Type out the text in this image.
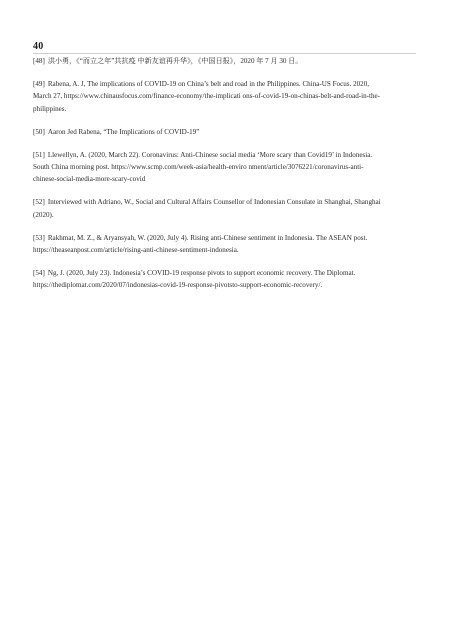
40

[48] 洪小勇，《“而立之年”共抗疫 中新友谊再升华》，《中国日报》，2020 年 7 月 30 日。

[49] Rabena, A. J, The implications of COVID-19 on China’s belt and road in the Philippines. China-US Focus. 2020, March 27, https://www.chinausfocus.com/finance-economy/the-implicati ons-of-covid-19-on-chinas-belt-and-road-in-the-philippines.

[50] Aaron Jed Rabena, “The Implications of COVID-19”

[51] Llewellyn, A. (2020, March 22). Coronavirus: Anti-Chinese social media ‘More scary than Covid19’ in Indonesia. South China morning post. https://www.scmp.com/week-asia/health-enviro nment/article/3076221/coronavirus-anti-chinese-social-media-more-scary-covid

[52] Interviewed with Adriano, W., Social and Cultural Affairs Counsellor of Indonesian Consulate in Shanghai, Shanghai (2020).

[53] Rakhmat, M. Z., & Aryansyah, W. (2020, July 4). Rising anti-Chinese sentiment in Indonesia. The ASEAN post. https://theaseanpost.com/article/rising-anti-chinese-sentiment-indonesia.

[54] Ng, J. (2020, July 23). Indonesia’s COVID-19 response pivots to support economic recovery. The Diplomat. https://thediplomat.com/2020/07/indonesias-covid-19-response-pivotsto-support-economic-recovery/.
